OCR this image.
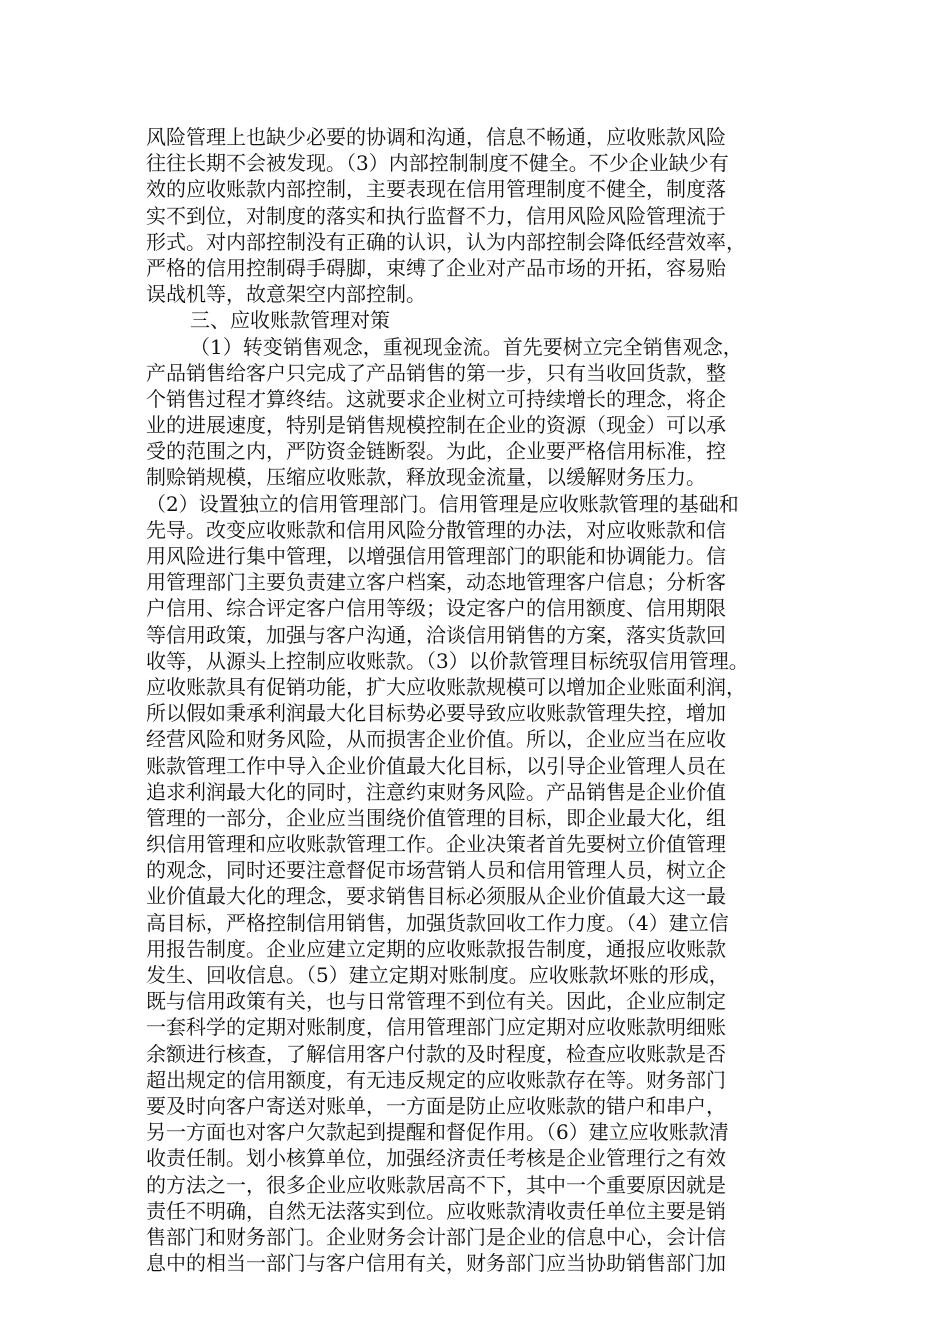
风险管理上也缺少必要的协调和沟通，信息不畅通，应收账款风险
往往长期不会被发现。（3）内部控制制度不健全。不少企业缺少有
效的应收账款内部控制，主要表现在信用管理制度不健全，制度落
实不到位，对制度的落实和执行监督不力，信用风险风险管理流于
形式。对内部控制没有正确的认识，认为内部控制会降低经营效率，
严格的信用控制碍手碍脚，束缚了企业对产品市场的开拓，容易贻
误战机等，故意架空内部控制。
三、应收账款管理对策
（1）转变销售观念，重视现金流。首先要树立完全销售观念，
产品销售给客户只完成了产品销售的第一步，只有当收回货款，整
个销售过程才算终结。这就要求企业树立可持续增长的理念，将企
业的进展速度，特别是销售规模控制在企业的资源（现金）可以承
受的范围之内，严防资金链断裂。为此，企业要严格信用标准，控
制赊销规模，压缩应收账款，释放现金流量，以缓解财务压力。
（2）设置独立的信用管理部门。信用管理是应收账款管理的基础和
先导。改变应收账款和信用风险分散管理的办法，对应收账款和信
用风险进行集中管理，以增强信用管理部门的职能和协调能力。信
用管理部门主要负责建立客户档案，动态地管理客户信息；分析客
户信用、综合评定客户信用等级；设定客户的信用额度、信用期限
等信用政策，加强与客户沟通，洽谈信用销售的方案，落实货款回
收等，从源头上控制应收账款。（3）以价款管理目标统驭信用管理。
应收账款具有促销功能，扩大应收账款规模可以增加企业账面利润，
所以假如秉承利润最大化目标势必要导致应收账款管理失控，增加
经营风险和财务风险，从而损害企业价值。所以，企业应当在应收
账款管理工作中导入企业价值最大化目标，以引导企业管理人员在
追求利润最大化的同时，注意约束财务风险。产品销售是企业价值
管理的一部分，企业应当围绕价值管理的目标，即企业最大化，组
织信用管理和应收账款管理工作。企业决策者首先要树立价值管理
的观念，同时还要注意督促市场营销人员和信用管理人员，树立企
业价值最大化的理念，要求销售目标必须服从企业价值最大这一最
高目标，严格控制信用销售，加强货款回收工作力度。（4）建立信
用报告制度。企业应建立定期的应收账款报告制度，通报应收账款
发生、回收信息。（5）建立定期对账制度。应收账款坏账的形成，
既与信用政策有关，也与日常管理不到位有关。因此，企业应制定
一套科学的定期对账制度，信用管理部门应定期对应收账款明细账
余额进行核查，了解信用客户付款的及时程度，检查应收账款是否
超出规定的信用额度，有无违反规定的应收账款存在等。财务部门
要及时向客户寄送对账单，一方面是防止应收账款的错户和串户，
另一方面也对客户欠款起到提醒和督促作用。（6）建立应收账款清
收责任制。划小核算单位，加强经济责任考核是企业管理行之有效
的方法之一，很多企业应收账款居高不下，其中一个重要原因就是
责任不明确，自然无法落实到位。应收账款清收责任单位主要是销
售部门和财务部门。企业财务会计部门是企业的信息中心，会计信
息中的相当一部门与客户信用有关，财务部门应当协助销售部门加
